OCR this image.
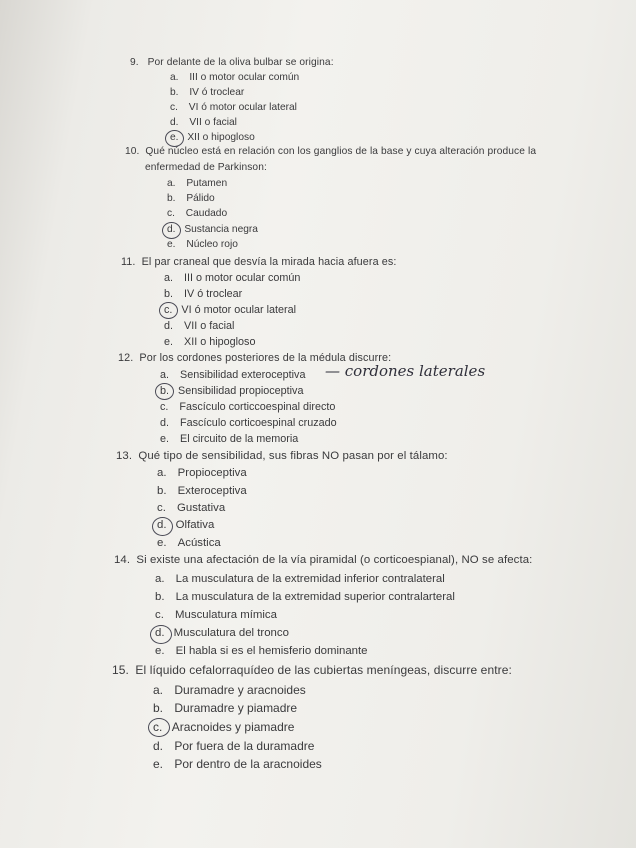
9. Por delante de la oliva bulbar se origina:
a. III o motor ocular común
b. IV ó troclear
c. VI ó motor ocular lateral
d. VII o facial
e. XII o hipogloso
10. Qué núcleo está en relación con los ganglios de la base y cuya alteración produce la
enfermedad de Parkinson:
a. Putamen
b. Pálido
c. Caudado
d. Sustancia negra
e. Núcleo rojo
11. El par craneal que desvía la mirada hacia afuera es:
a. III o motor ocular común
b. IV ó troclear
c. VI ó motor ocular lateral
d. VII o facial
e. XII o hipogloso
12. Por los cordones posteriores de la médula discurre:
a. Sensibilidad exteroceptiva — cordones laterales
b. Sensibilidad propioceptiva
c. Fascículo corticcoespinal directo
d. Fascículo corticoespinal cruzado
e. El circuito de la memoria
13. Qué tipo de sensibilidad, sus fibras NO pasan por el tálamo:
a. Propioceptiva
b. Exteroceptiva
c. Gustativa
d. Olfativa
e. Acústica
14. Si existe una afectación de la vía piramidal (o corticoespianal), NO se afecta:
a. La musculatura de la extremidad inferior contralateral
b. La musculatura de la extremidad superior contralarteral
c. Musculatura mímica
d. Musculatura del tronco
e. El habla si es el hemisferio dominante
15. El líquido cefalorraquídeo de las cubiertas meníngeas, discurre entre:
a. Duramadre y aracnoides
b. Duramadre y piamadre
c. Aracnoides y piamadre
d. Por fuera de la duramadre
e. Por dentro de la aracnoides
